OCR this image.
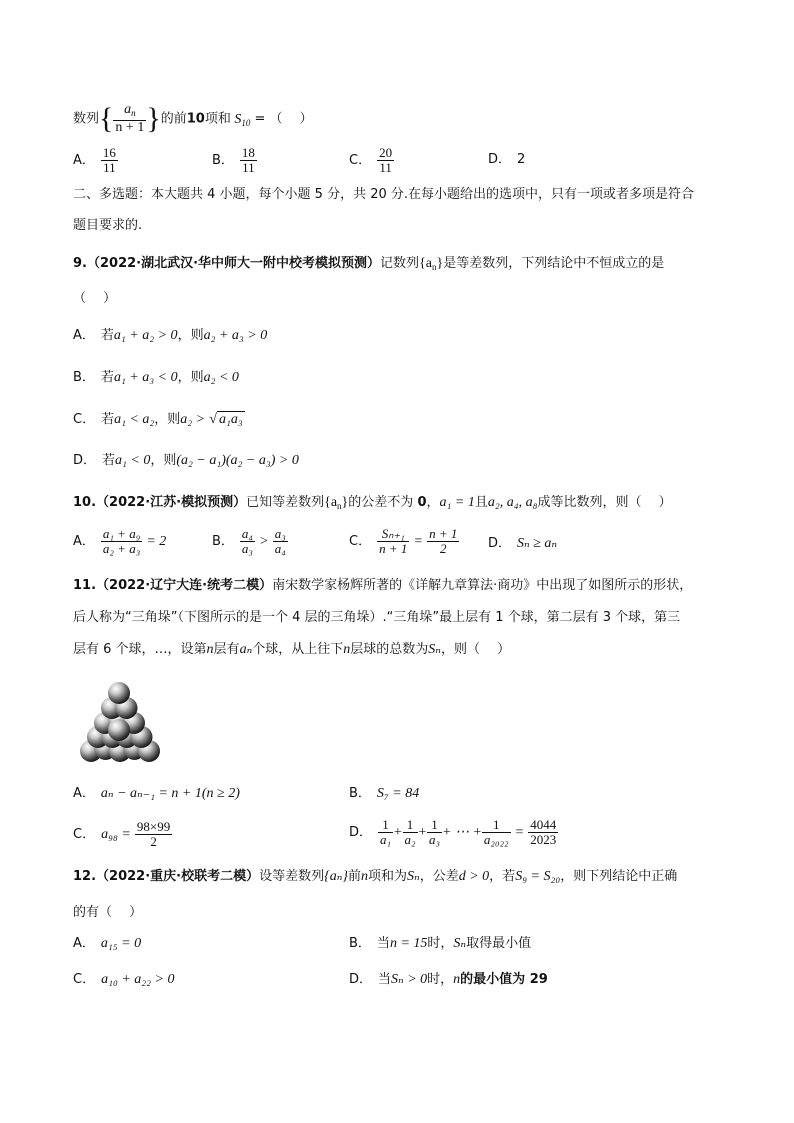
数列{ $\frac{a_n}{n + 1}$ }的前10项和 $S_{10}$ = （　 ）
A． $\frac{16}{11}$	B． $\frac{18}{11}$	C． $\frac{20}{11}$	D． 2
二、多选题：本大题共 4 小题，每个小题 5 分，共 20 分.在每小题给出的选项中，只有一项或者多项是符合
题目要求的.
9.（2022·湖北武汉·华中师大一附中校考模拟预测）记数列$\{a_n\}$是等差数列，下列结论中不恒成立的是
（　 ）
A． 若a₁ + a₂ > 0，则a₂ + a₃ > 0
B． 若a₁ + a₃ < 0，则a₂ < 0
C． 若a₁ < a₂，则a₂ > √ a₁a₃
D． 若a₁ < 0，则(a₂ − a₁)(a₂ − a₃) > 0
10.（2022·江苏·模拟预测）已知等差数列$\{a_n\}$的公差不为 0，a₁ = 1且a₂, a₄, a₈成等比数列，则（　 ）
A． $\frac{\text{a₁ + a₉}}{\text{a₂ + a₃}} = 2$	B． $\frac{\text{a₄}}{\text{a₃}} > \frac{\text{a₃}}{\text{a₄}}$	C． $\frac{\text{Sₙ₊₁}}{n + 1} = \frac{n + 1}{2}$ D． Sₙ ≥ aₙ
11.（2022·辽宁大连·统考二模）南宋数学家杨辉所著的《详解九章算法·商功》中出现了如图所示的形状，
后人称为“三角垛”（下图所示的是一个 4 层的三角垛）.“三角垛”最上层有 1 个球，第二层有 3 个球，第三
层有 6 个球，…，设第n层有aₙ个球，从上往下n层球的总数为Sₙ，则（　 ）
A． aₙ − aₙ₋₁ = n + 1(n ≥ 2)	B． S₇ = 84
C． $a_{98} = \frac{98\times 99}{2}$	D． $\frac{1}{\text{a₁}} + \frac{1}{\text{a₂}} + \frac{1}{\text{a₃}}$ + ⋯ + $\frac{1}{\text{a₂₀₂₂}} = \frac{4044}{2023}$
12.（2022·重庆·校联考二模）设等差数列{aₙ}前n项和为Sₙ，公差d > 0，若S₉ = S₂₀，则下列结论中正确
的有（　 ）
A． a₁₅ = 0	B． 当n = 15时，Sₙ取得最小值
C． a₁₀ + a₂₂ > 0	D． 当Sₙ > 0时，n的最小值为 29
